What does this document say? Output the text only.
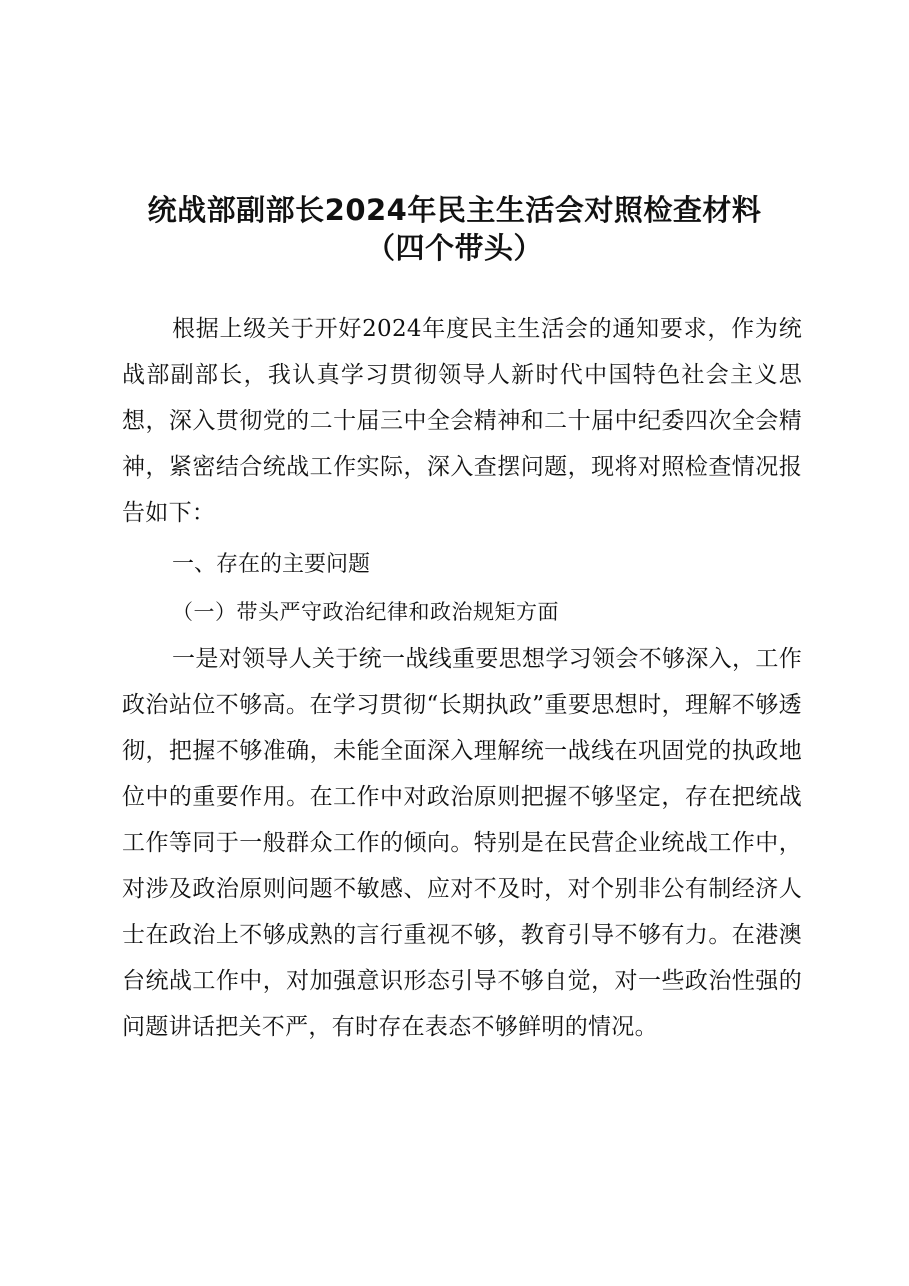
统战部副部长2024年民主生活会对照检查材料
（四个带头）
根据上级关于开好2024年度民主生活会的通知要求，作为统战部副部长，我认真学习贯彻领导人新时代中国特色社会主义思想，深入贯彻党的二十届三中全会精神和二十届中纪委四次全会精神，紧密结合统战工作实际，深入查摆问题，现将对照检查情况报告如下：
一、存在的主要问题
（一）带头严守政治纪律和政治规矩方面
一是对领导人关于统一战线重要思想学习领会不够深入，工作政治站位不够高。在学习贯彻“长期执政”重要思想时，理解不够透彻，把握不够准确，未能全面深入理解统一战线在巩固党的执政地位中的重要作用。在工作中对政治原则把握不够坚定，存在把统战工作等同于一般群众工作的倾向。特别是在民营企业统战工作中，对涉及政治原则问题不敏感、应对不及时，对个别非公有制经济人士在政治上不够成熟的言行重视不够，教育引导不够有力。在港澳台统战工作中，对加强意识形态引导不够自觉，对一些政治性强的问题讲话把关不严，有时存在表态不够鲜明的情况。
